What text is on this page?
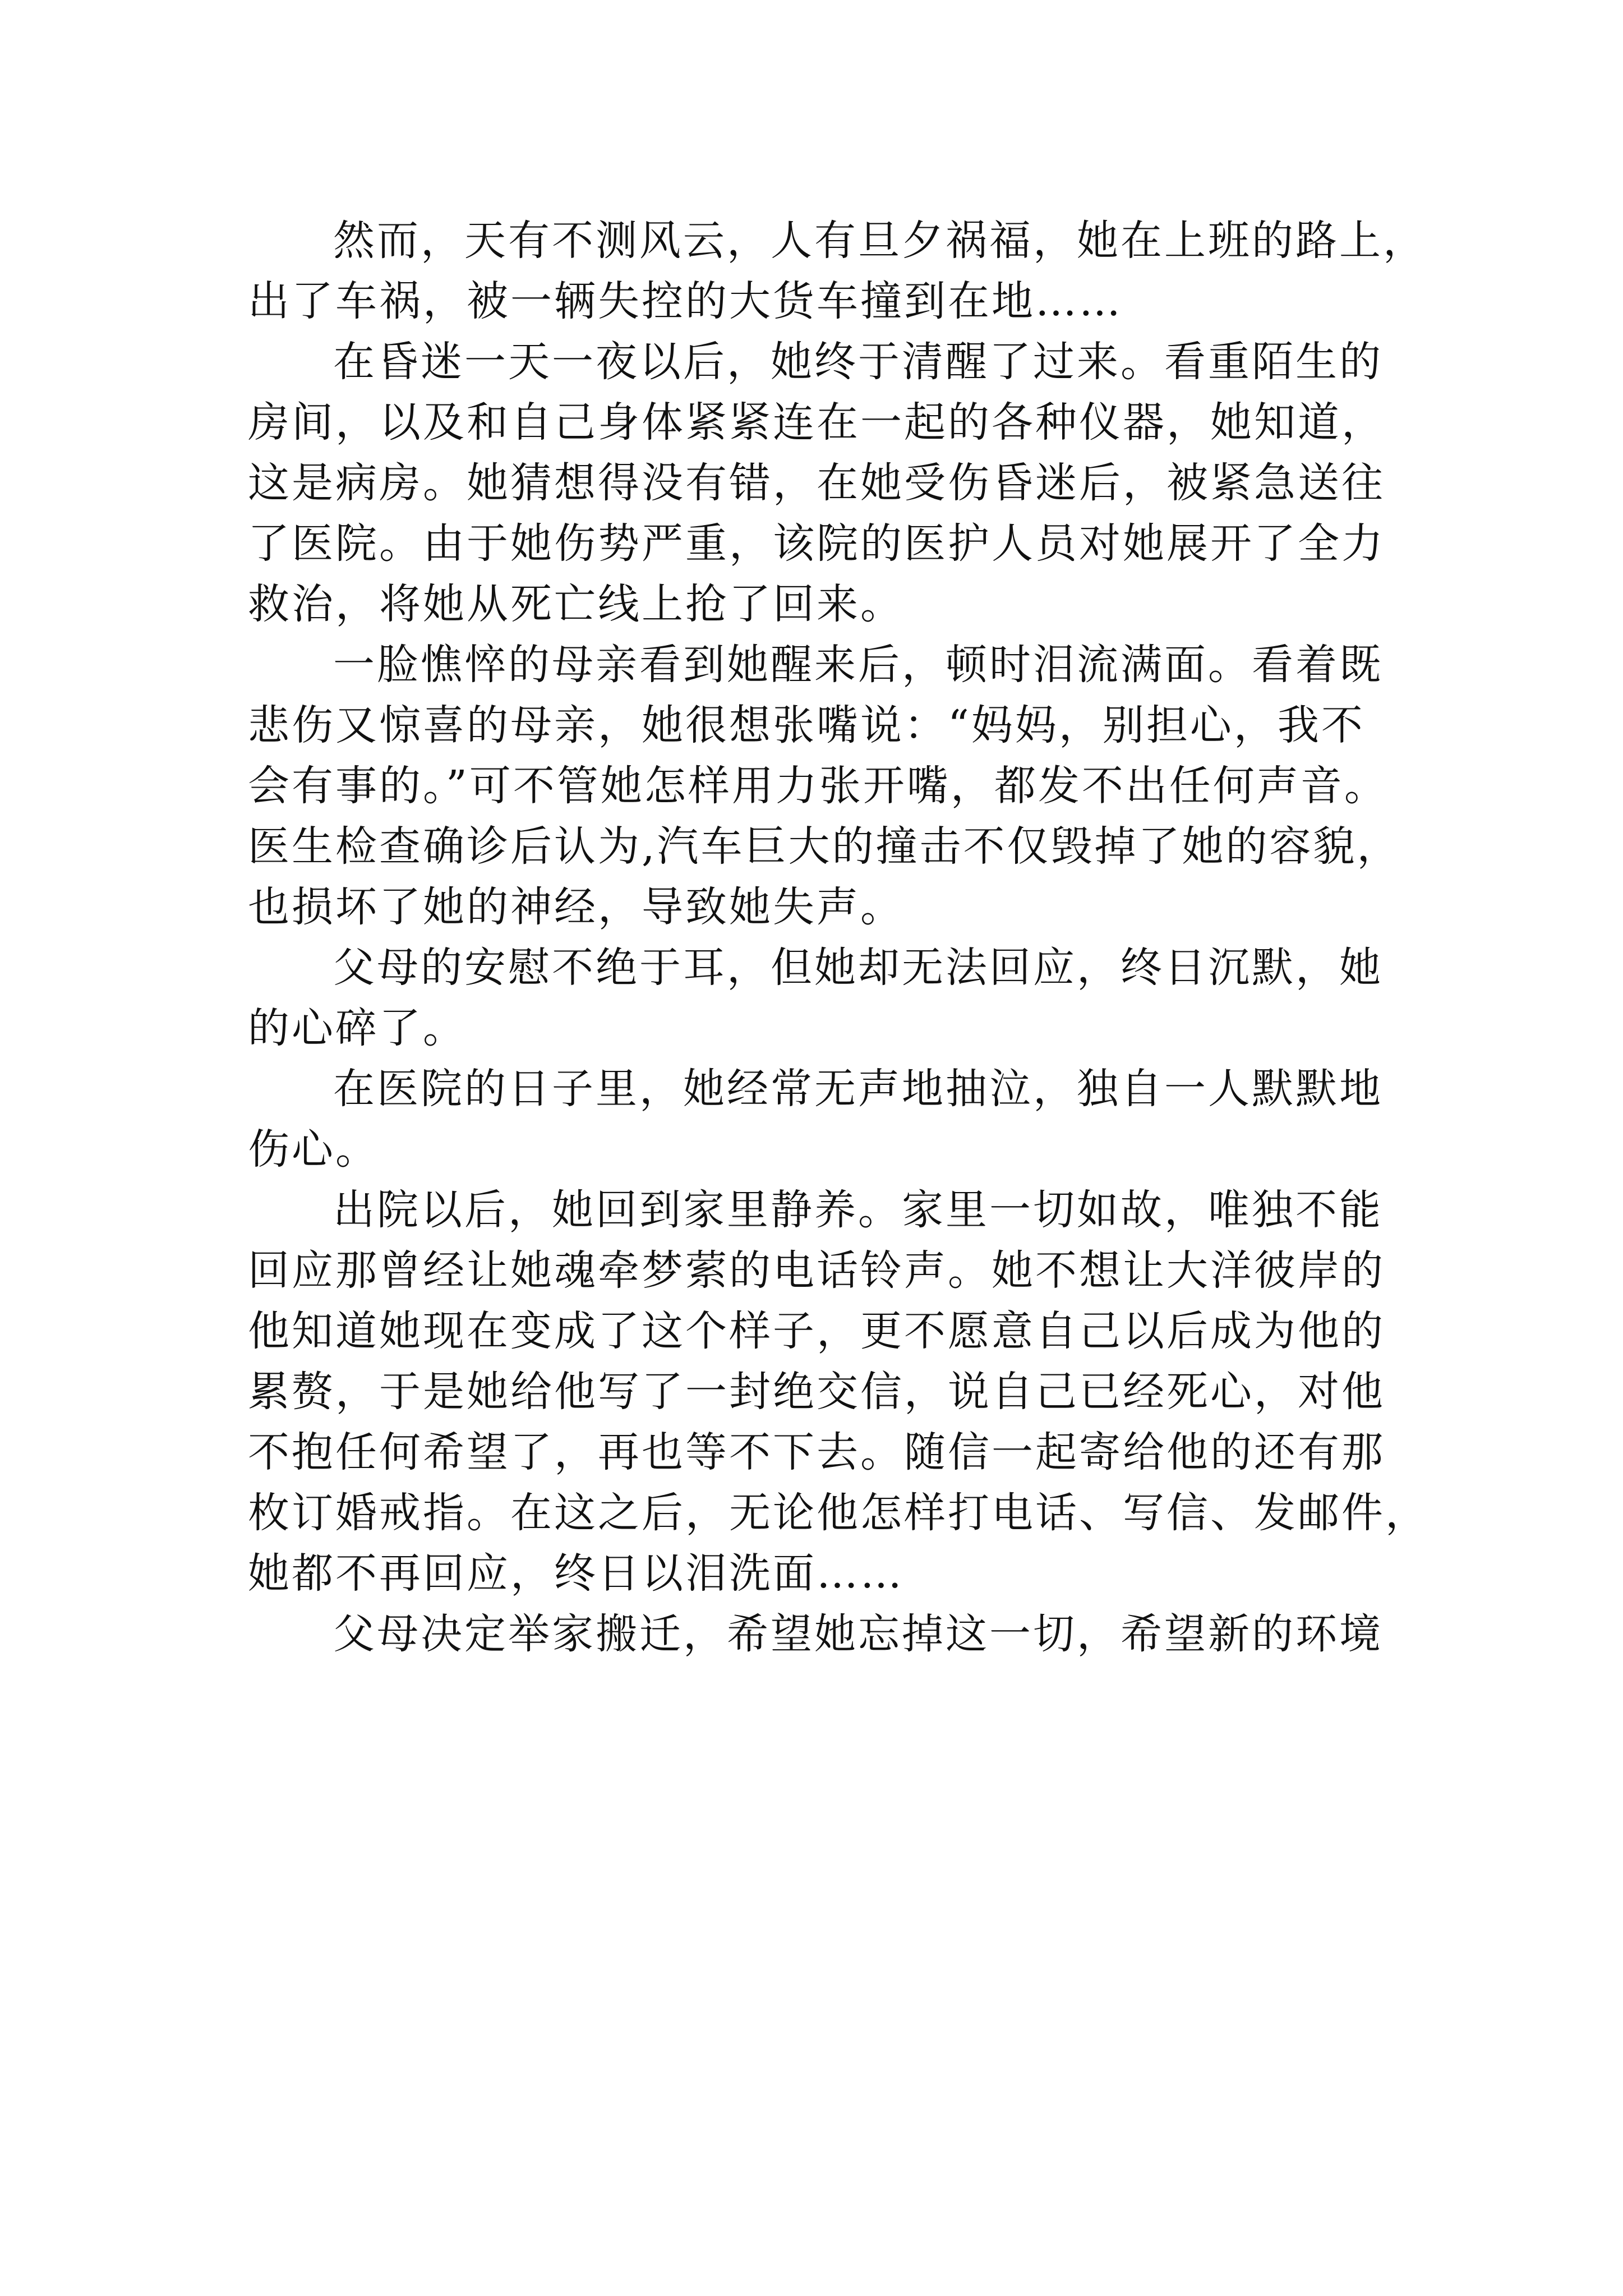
然而，天有不测风云，人有旦夕祸福，她在上班的路上，
出了车祸，被一辆失控的大货车撞到在地……
在昏迷一天一夜以后，她终于清醒了过来。看重陌生的
房间，以及和自己身体紧紧连在一起的各种仪器，她知道，
这是病房。她猜想得没有错，在她受伤昏迷后，被紧急送往
了医院。由于她伤势严重，该院的医护人员对她展开了全力
救治，将她从死亡线上抢了回来。
一脸憔悴的母亲看到她醒来后，顿时泪流满面。看着既
悲伤又惊喜的母亲，她很想张嘴说：“妈妈，别担心，我不
会有事的。”可不管她怎样用力张开嘴，都发不出任何声音。
医生检查确诊后认为,汽车巨大的撞击不仅毁掉了她的容貌，
也损坏了她的神经，导致她失声。
父母的安慰不绝于耳，但她却无法回应，终日沉默，她
的心碎了。
在医院的日子里，她经常无声地抽泣，独自一人默默地
伤心。
出院以后，她回到家里静养。家里一切如故，唯独不能
回应那曾经让她魂牵梦萦的电话铃声。她不想让大洋彼岸的
他知道她现在变成了这个样子，更不愿意自己以后成为他的
累赘，于是她给他写了一封绝交信，说自己已经死心，对他
不抱任何希望了，再也等不下去。随信一起寄给他的还有那
枚订婚戒指。在这之后，无论他怎样打电话、写信、发邮件，
她都不再回应，终日以泪洗面……
父母决定举家搬迁，希望她忘掉这一切，希望新的环境
